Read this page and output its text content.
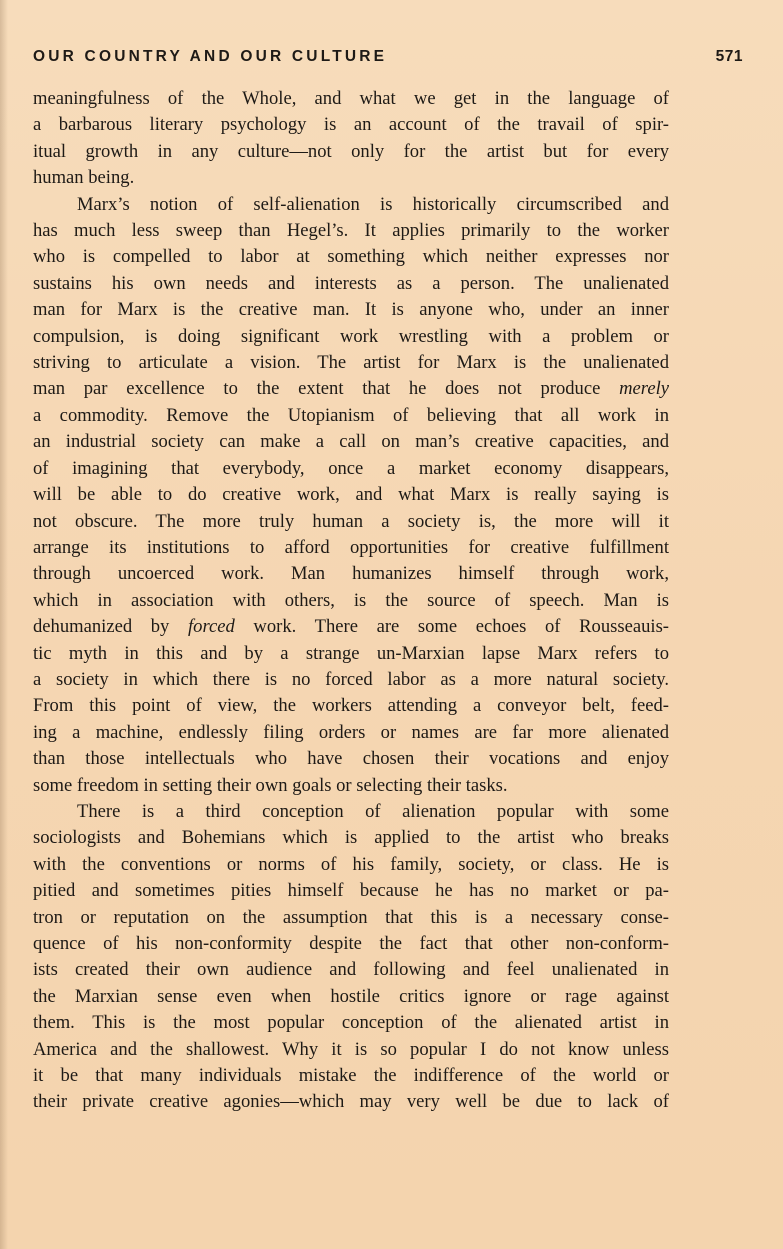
OUR COUNTRY AND OUR CULTURE	571

meaningfulness of the Whole, and what we get in the language of
a barbarous literary psychology is an account of the travail of spir-
itual growth in any culture—not only for the artist but for every
human being.

Marx’s notion of self-alienation is historically circumscribed and
has much less sweep than Hegel’s. It applies primarily to the worker
who is compelled to labor at something which neither expresses nor
sustains his own needs and interests as a person. The unalienated
man for Marx is the creative man. It is anyone who, under an inner
compulsion, is doing significant work wrestling with a problem or
striving to articulate a vision. The artist for Marx is the unalienated
man par excellence to the extent that he does not produce merely
a commodity. Remove the Utopianism of believing that all work in
an industrial society can make a call on man’s creative capacities, and
of imagining that everybody, once a market economy disappears,
will be able to do creative work, and what Marx is really saying is
not obscure. The more truly human a society is, the more will it
arrange its institutions to afford opportunities for creative fulfillment
through uncoerced work. Man humanizes himself through work,
which in association with others, is the source of speech. Man is
dehumanized by forced work. There are some echoes of Rousseauis-
tic myth in this and by a strange un-Marxian lapse Marx refers to
a society in which there is no forced labor as a more natural society.
From this point of view, the workers attending a conveyor belt, feed-
ing a machine, endlessly filing orders or names are far more alienated
than those intellectuals who have chosen their vocations and enjoy
some freedom in setting their own goals or selecting their tasks.

There is a third conception of alienation popular with some
sociologists and Bohemians which is applied to the artist who breaks
with the conventions or norms of his family, society, or class. He is
pitied and sometimes pities himself because he has no market or pa-
tron or reputation on the assumption that this is a necessary conse-
quence of his non-conformity despite the fact that other non-conform-
ists created their own audience and following and feel unalienated in
the Marxian sense even when hostile critics ignore or rage against
them. This is the most popular conception of the alienated artist in
America and the shallowest. Why it is so popular I do not know unless
it be that many individuals mistake the indifference of the world or
their private creative agonies—which may very well be due to lack of
